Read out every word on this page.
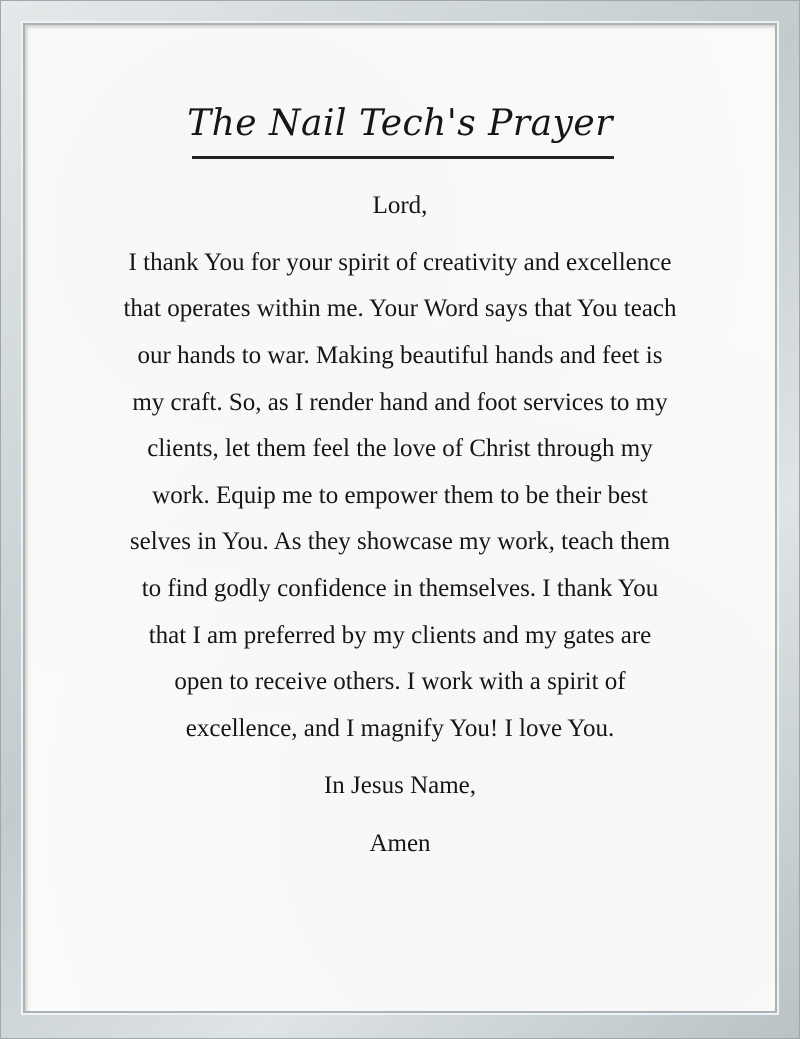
The Nail Tech's Prayer
Lord,
I thank You for your spirit of creativity and excellence
that operates within me. Your Word says that You teach
our hands to war. Making beautiful hands and feet is
my craft. So, as I render hand and foot services to my
clients, let them feel the love of Christ through my
work. Equip me to empower them to be their best
selves in You. As they showcase my work, teach them
to find godly confidence in themselves. I thank You
that I am preferred by my clients and my gates are
open to receive others. I work with a spirit of
excellence, and I magnify You! I love You.
In Jesus Name,
Amen
